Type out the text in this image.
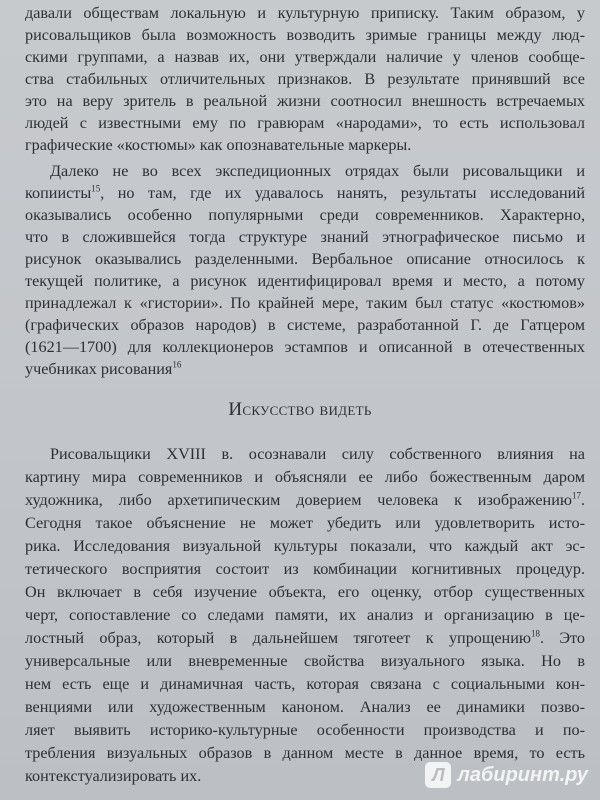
давали обществам локальную и культурную приписку. Таким образом, у
рисовальщиков была возможность возводить зримые границы между люд-
скими группами, а назвав их, они утверждали наличие у членов сообще-
ства стабильных отличительных признаков. В результате принявший все
это на веру зритель в реальной жизни соотносил внешность встречаемых
людей с известными ему по гравюрам «народами», то есть использовал
графические «костюмы» как опознавательные маркеры.
Далеко не во всех экспедиционных отрядах были рисовальщики и
копиисты$^{15}$, но там, где их удавалось нанять, результаты исследований
оказывались особенно популярными среди современников. Характерно,
что в сложившейся тогда структуре знаний этнографическое письмо и
рисунок оказывались разделенными. Вербальное описание относилось к
текущей политике, а рисунок идентифицировал время и место, а потому
принадлежал к «гистории». По крайней мере, таким был статус «костюмов»
(графических образов народов) в системе, разработанной Г. де Гатцером
(1621—1700) для коллекционеров эстампов и описанной в отечественных
учебниках рисования$^{16}$
Искусство видеть
Рисовальщики XVIII в. осознавали силу собственного влияния на
картину мира современников и объясняли ее либо божественным даром
художника, либо архетипическим доверием человека к изображению$^{17}$.
Сегодня такое объяснение не может убедить или удовлетворить исто-
рика. Исследования визуальной культуры показали, что каждый акт эс-
тетического восприятия состоит из комбинации когнитивных процедур.
Он включает в себя изучение объекта, его оценку, отбор существенных
черт, сопоставление со следами памяти, их анализ и организацию в це-
лостный образ, который в дальнейшем тяготеет к упрощению$^{18}$. Это
универсальные или вневременные свойства визуального языка. Но в
нем есть еще и динамичная часть, которая связана с социальными кон-
венциями или художественным каноном. Анализ ее динамики позво-
ляет выявить историко-культурные особенности производства и по-
требления визуальных образов в данном месте в данное время, то есть
контекстуализировать их.	Л лабиринт.ру
